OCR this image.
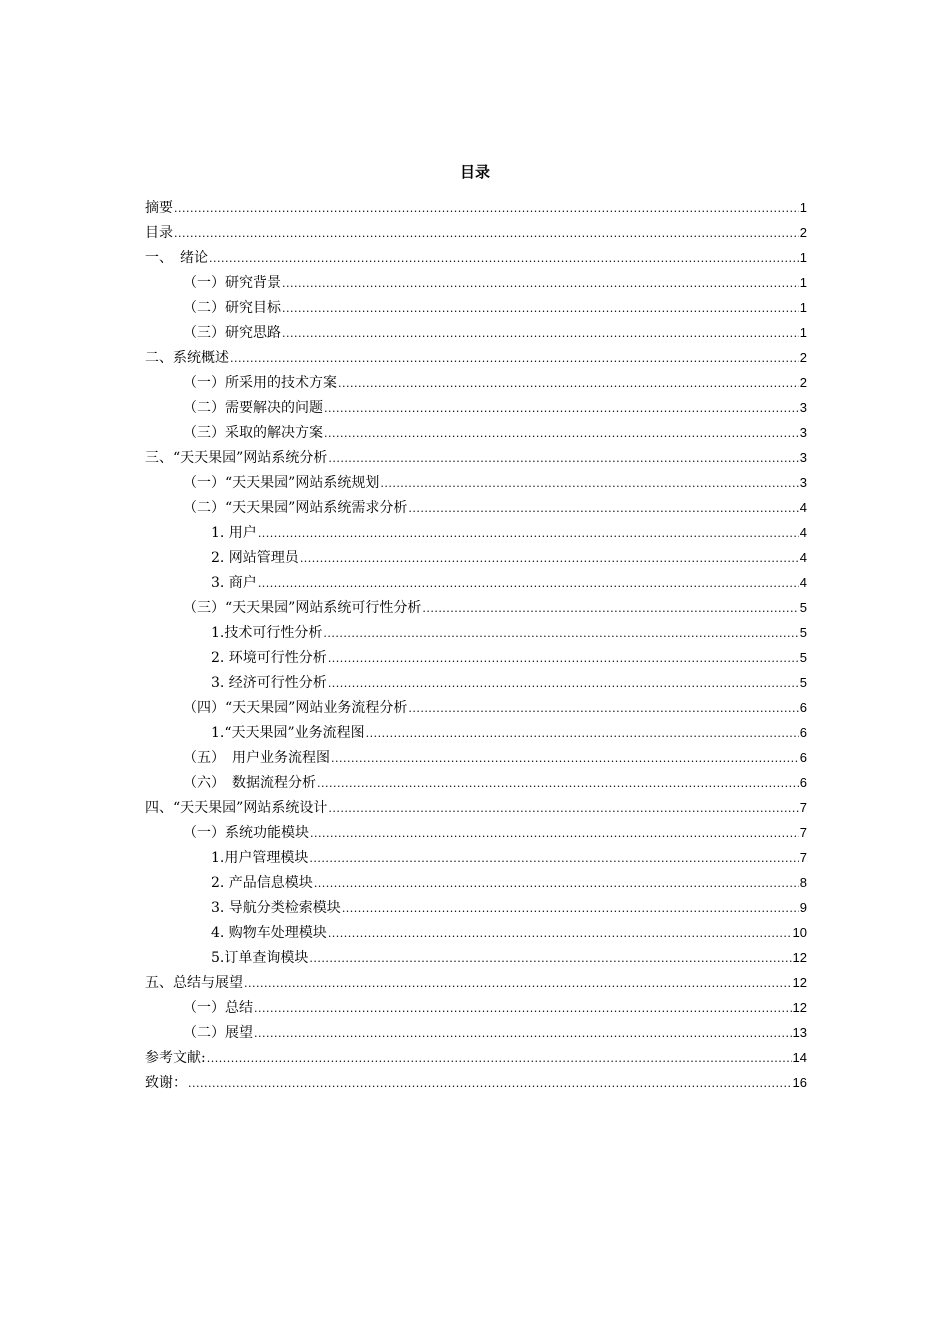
目录
摘要 .....	1
目录 .....	2
一、　绪论 .....	1
（一）研究背景 .....	1
（二）研究目标 .....	1
（三）研究思路 .....	1
二、系统概述 .....	2
（一）所采用的技术方案 .....	2
（二）需要解决的问题 .....	3
（三）采取的解决方案 .....	3
三、“天天果园”网站系统分析 .....	3
（一）“天天果园”网站系统规划 .....	3
（二）“天天果园”网站系统需求分析 .....	4
1. 用户 .....	4
2. 网站管理员 .....	4
3. 商户 .....	4
（三）“天天果园”网站系统可行性分析 .....	5
1.技术可行性分析 .....	5
2. 环境可行性分析 .....	5
3. 经济可行性分析 .....	5
（四）“天天果园”网站业务流程分析 .....	6
1.“天天果园”业务流程图 .....	6
（五）　用户业务流程图 .....	6
（六）　数据流程分析 .....	6
四、“天天果园”网站系统设计 .....	7
（一）系统功能模块 .....	7
1.用户管理模块 .....	7
2. 产品信息模块 .....	8
3. 导航分类检索模块 .....	9
4. 购物车处理模块 .....	10
5.订单查询模块 .....	12
五、总结与展望 .....	12
（一）总结 .....	12
（二）展望 .....	13
参考文献: .....	14
致谢： .....	16
